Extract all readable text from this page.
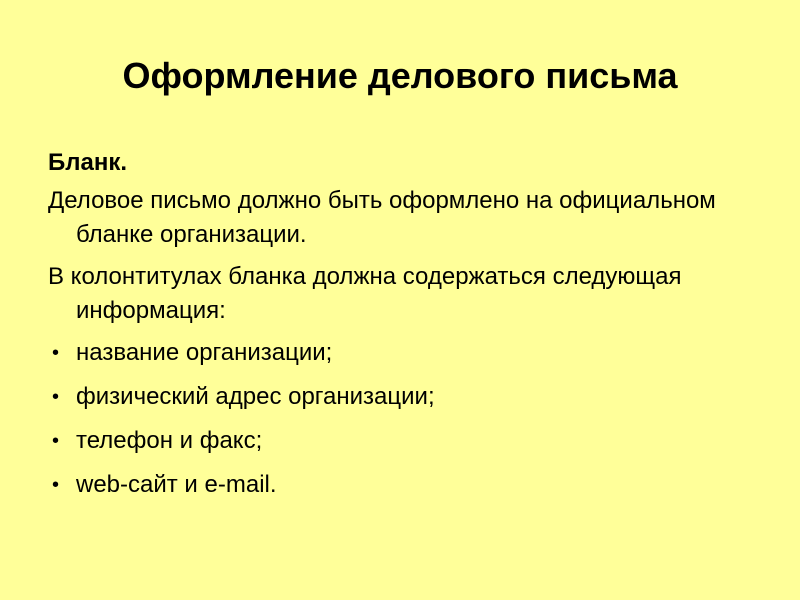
Оформление делового письма

Бланк.

Деловое письмо должно быть оформлено на официальном бланке организации.

В колонтитулах бланка должна содержаться следующая информация:

• название организации;
• физический адрес организации;
• телефон и факс;
• web-сайт и e-mail.
